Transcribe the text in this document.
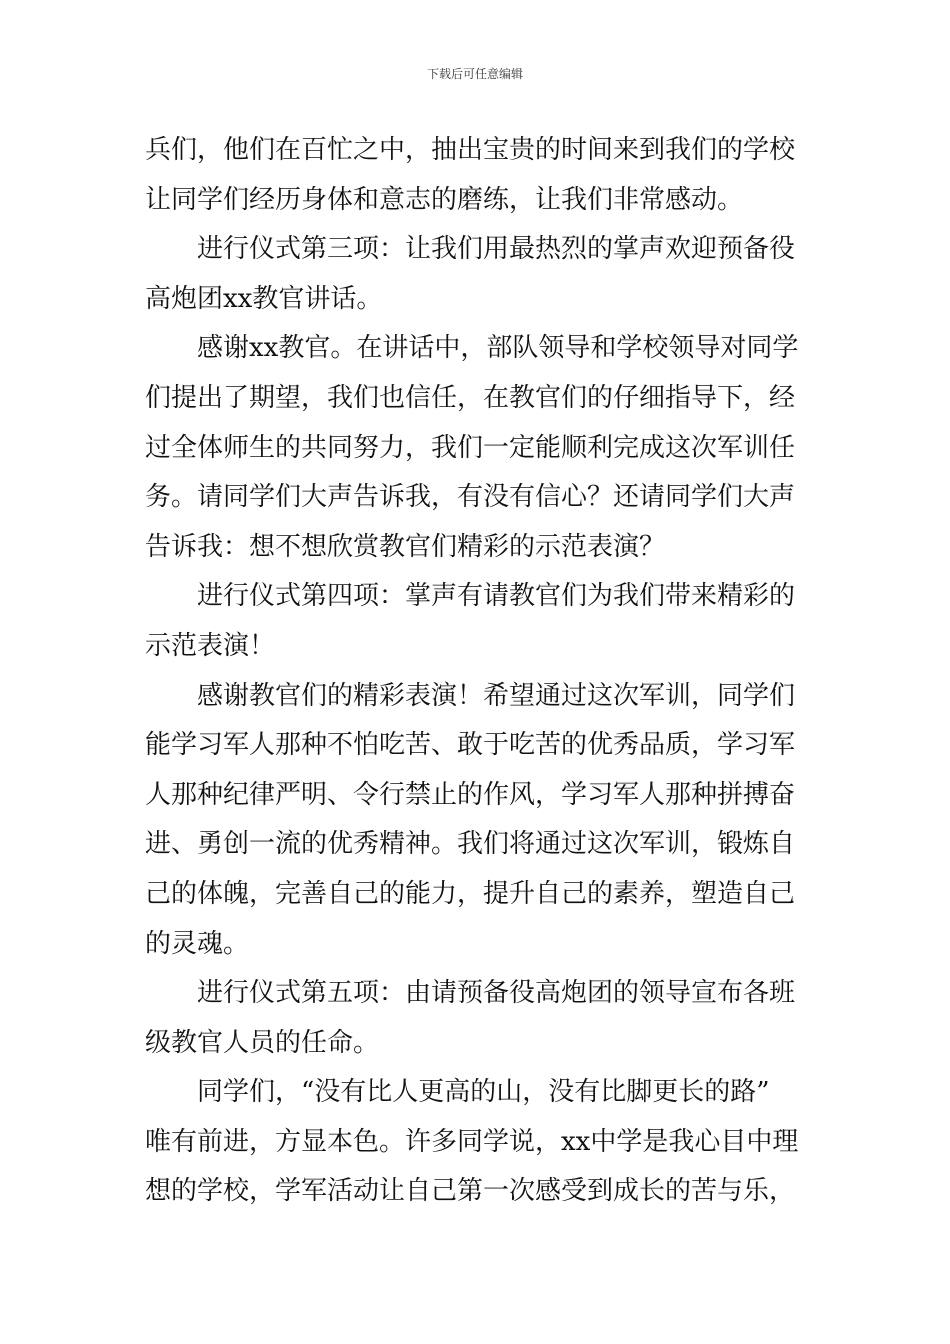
下载后可任意编辑
兵们，他们在百忙之中，抽出宝贵的时间来到我们的学校
让同学们经历身体和意志的磨练，让我们非常感动。
进行仪式第三项：让我们用最热烈的掌声欢迎预备役
高炮团xx教官讲话。
感谢xx教官。在讲话中，部队领导和学校领导对同学
们提出了期望，我们也信任，在教官们的仔细指导下，经
过全体师生的共同努力，我们一定能顺利完成这次军训任
务。请同学们大声告诉我，有没有信心？还请同学们大声
告诉我：想不想欣赏教官们精彩的示范表演？
进行仪式第四项：掌声有请教官们为我们带来精彩的
示范表演！
感谢教官们的精彩表演！希望通过这次军训，同学们
能学习军人那种不怕吃苦、敢于吃苦的优秀品质，学习军
人那种纪律严明、令行禁止的作风，学习军人那种拼搏奋
进、勇创一流的优秀精神。我们将通过这次军训，锻炼自
己的体魄，完善自己的能力，提升自己的素养，塑造自己
的灵魂。
进行仪式第五项：由请预备役高炮团的领导宣布各班
级教官人员的任命。
同学们，“没有比人更高的山，没有比脚更长的路”
唯有前进，方显本色。许多同学说，xx中学是我心目中理
想的学校，学军活动让自己第一次感受到成长的苦与乐，
